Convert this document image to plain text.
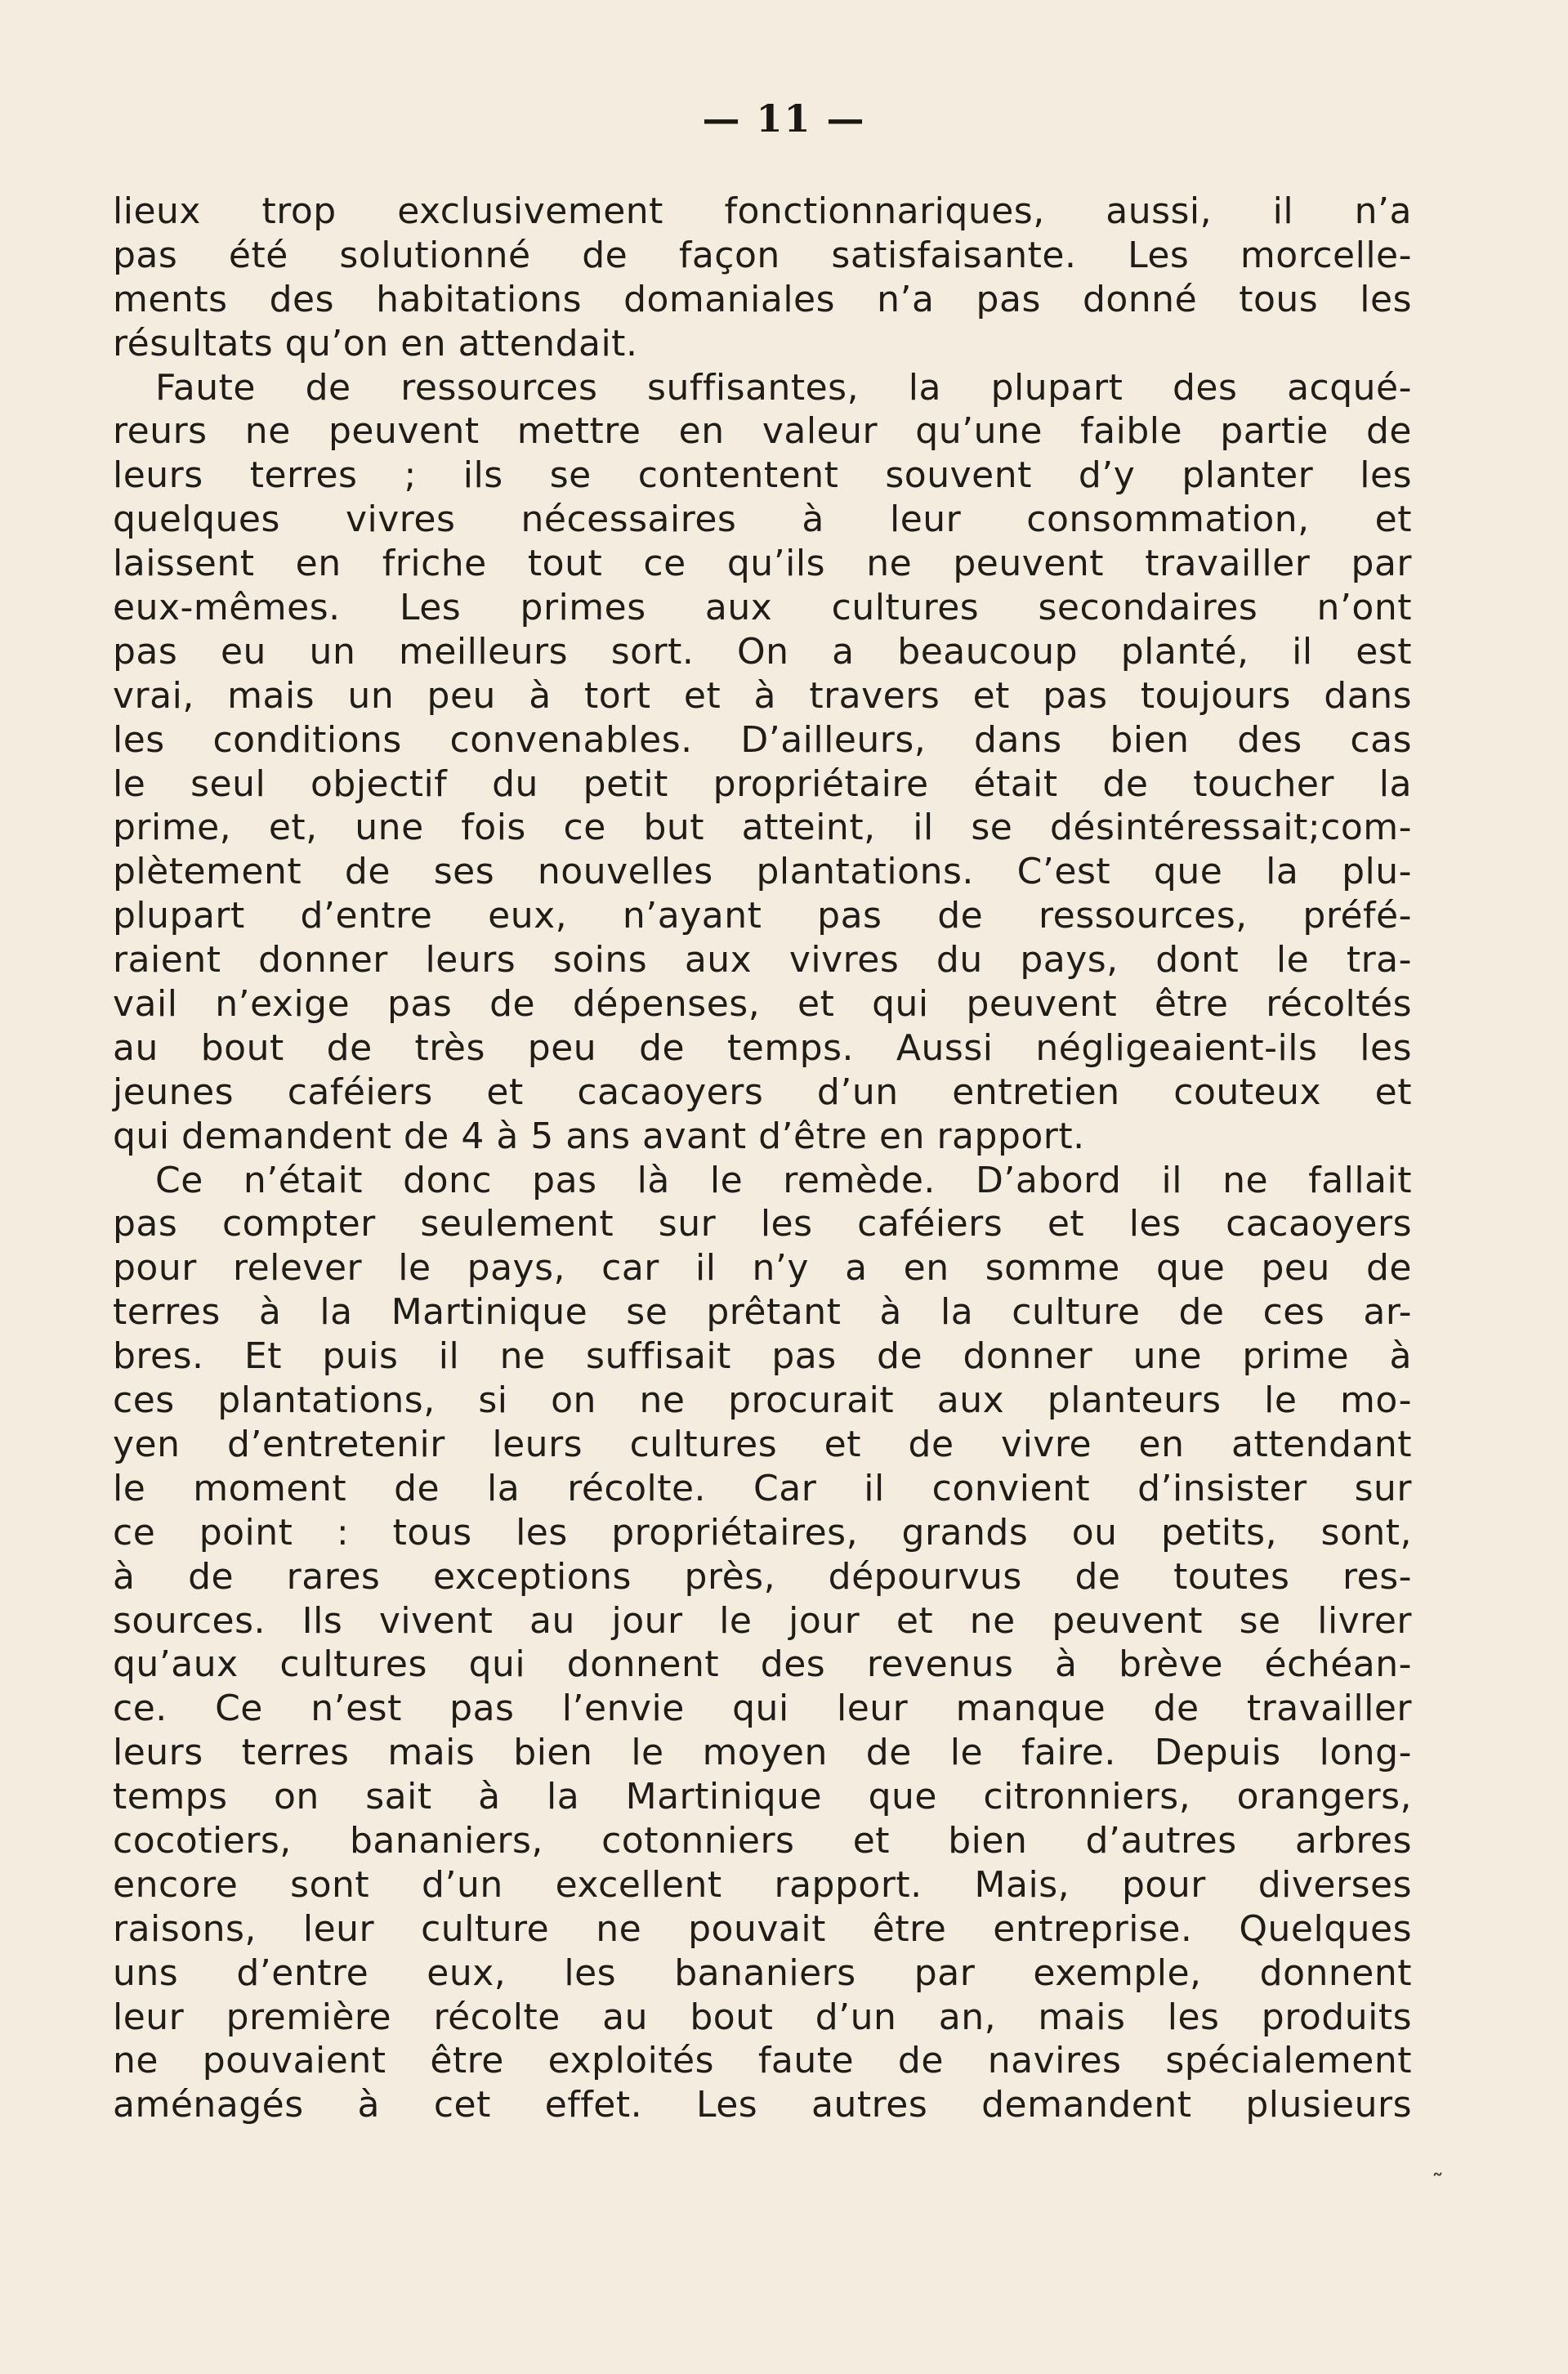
— 11 —
lieux trop exclusivement fonctionnariques, aussi, il n’a
pas été solutionné de façon satisfaisante. Les morcelle-
ments des habitations domaniales n’a pas donné tous les
résultats qu’on en attendait.
Faute de ressources suffisantes, la plupart des acqué-
reurs ne peuvent mettre en valeur qu’une faible partie de
leurs terres ; ils se contentent souvent d’y planter les
quelques vivres nécessaires à leur consommation, et
laissent en friche tout ce qu’ils ne peuvent travailler par
eux-mêmes. Les primes aux cultures secondaires n’ont
pas eu un meilleurs sort. On a beaucoup planté, il est
vrai, mais un peu à tort et à travers et pas toujours dans
les conditions convenables. D’ailleurs, dans bien des cas
le seul objectif du petit propriétaire était de toucher la
prime, et, une fois ce but atteint, il se désintéressait;com-
plètement de ses nouvelles plantations. C’est que la plu-
plupart d’entre eux, n’ayant pas de ressources, préfé-
raient donner leurs soins aux vivres du pays, dont le tra-
vail n’exige pas de dépenses, et qui peuvent être récoltés
au bout de très peu de temps. Aussi négligeaient-ils les
jeunes caféiers et cacaoyers d’un entretien couteux et
qui demandent de 4 à 5 ans avant d’être en rapport.
Ce n’était donc pas là le remède. D’abord il ne fallait
pas compter seulement sur les caféiers et les cacaoyers
pour relever le pays, car il n’y a en somme que peu de
terres à la Martinique se prêtant à la culture de ces ar-
bres. Et puis il ne suffisait pas de donner une prime à
ces plantations, si on ne procurait aux planteurs le mo-
yen d’entretenir leurs cultures et de vivre en attendant
le moment de la récolte. Car il convient d’insister sur
ce point : tous les propriétaires, grands ou petits, sont,
à de rares exceptions près, dépourvus de toutes res-
sources. Ils vivent au jour le jour et ne peuvent se livrer
qu’aux cultures qui donnent des revenus à brève échéan-
ce. Ce n’est pas l’envie qui leur manque de travailler
leurs terres mais bien le moyen de le faire. Depuis long-
temps on sait à la Martinique que citronniers, orangers,
cocotiers, bananiers, cotonniers et bien d’autres arbres
encore sont d’un excellent rapport. Mais, pour diverses
raisons, leur culture ne pouvait être entreprise. Quelques
uns d’entre eux, les bananiers par exemple, donnent
leur première récolte au bout d’un an, mais les produits
ne pouvaient être exploités faute de navires spécialement
aménagés à cet effet. Les autres demandent plusieurs
˜
